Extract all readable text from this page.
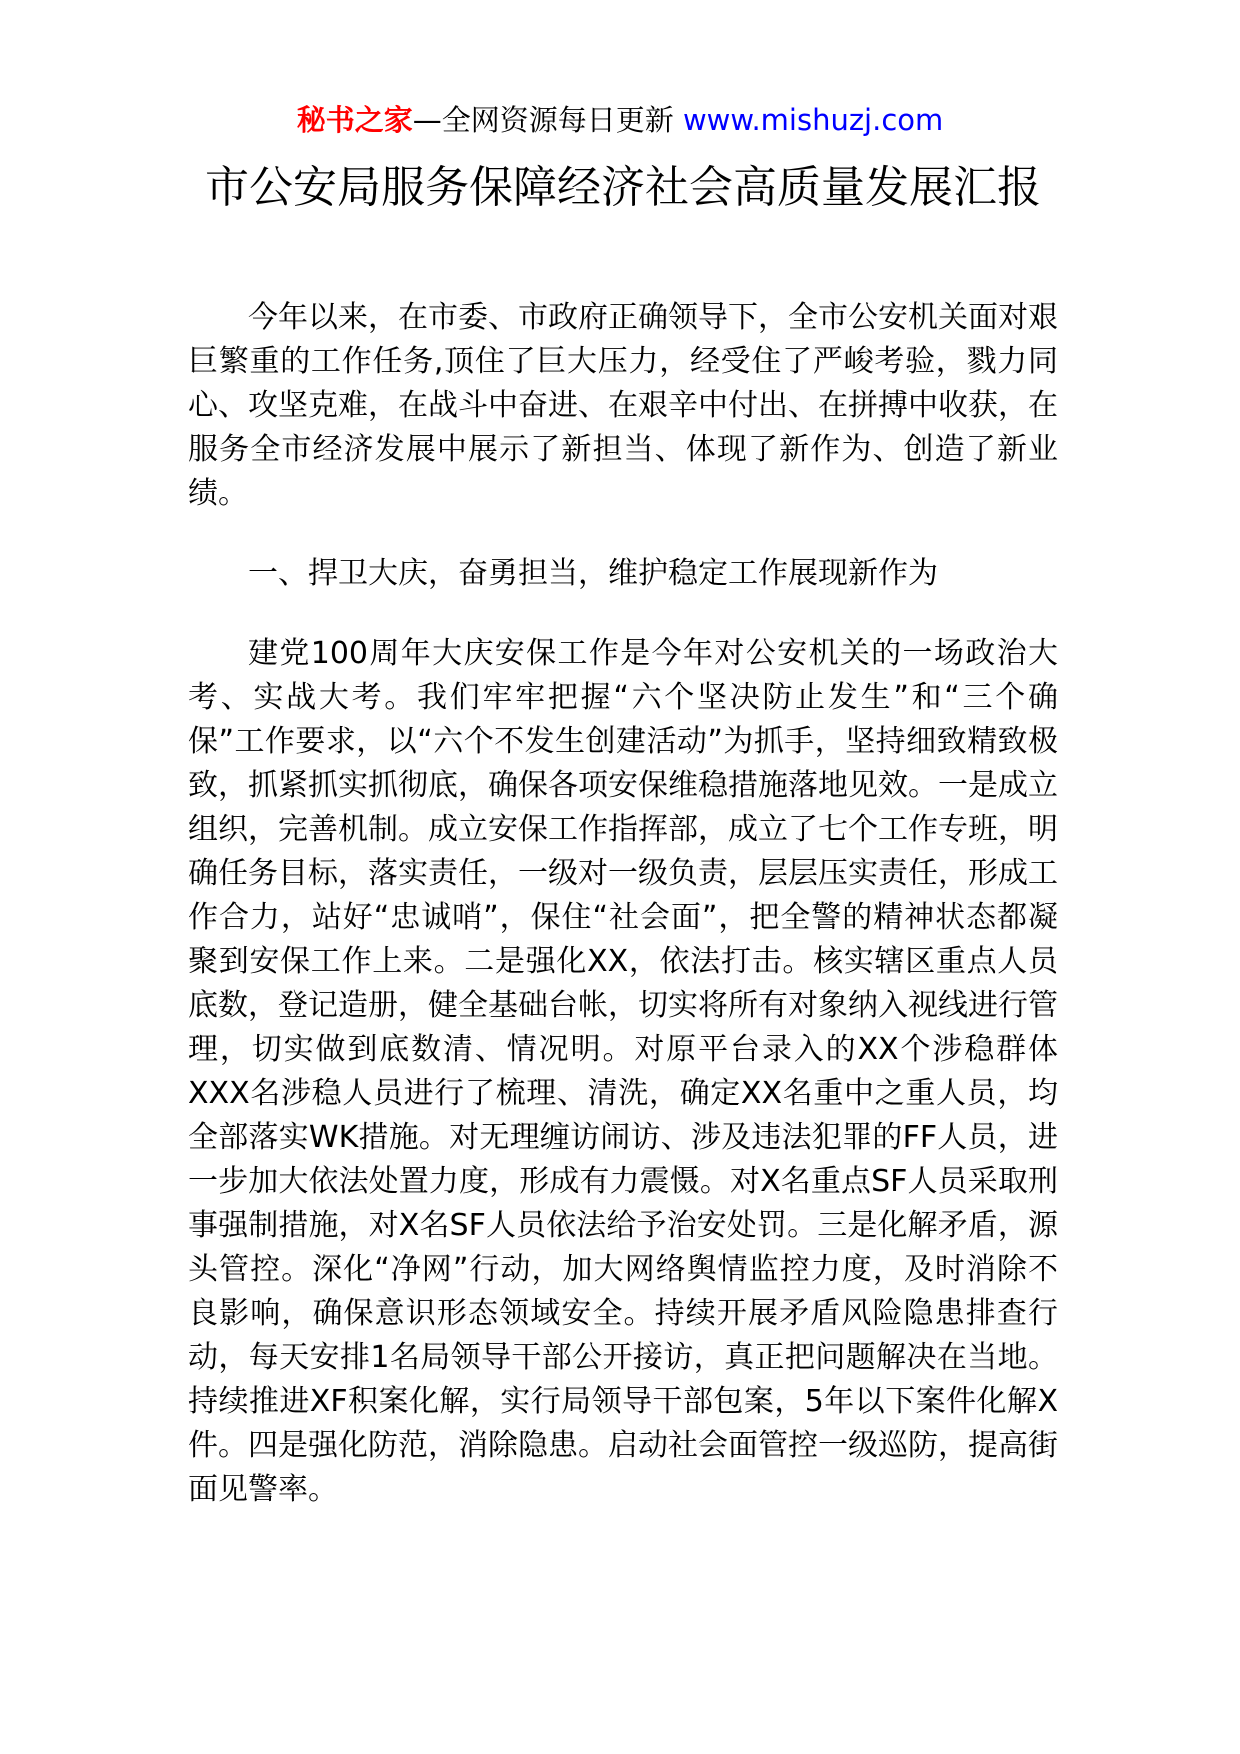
秘书之家—全网资源每日更新 www.mishuzj.com
市公安局服务保障经济社会高质量发展汇报

今年以来，在市委、市政府正确领导下，全市公安机关面对艰巨繁重的工作任务,顶住了巨大压力，经受住了严峻考验，戮力同心、攻坚克难，在战斗中奋进、在艰辛中付出、在拼搏中收获，在服务全市经济发展中展示了新担当、体现了新作为、创造了新业绩。

一、捍卫大庆，奋勇担当，维护稳定工作展现新作为

建党100周年大庆安保工作是今年对公安机关的一场政治大考、实战大考。我们牢牢把握“六个坚决防止发生”和“三个确保”工作要求，以“六个不发生创建活动”为抓手，坚持细致精致极致，抓紧抓实抓彻底，确保各项安保维稳措施落地见效。一是成立组织，完善机制。成立安保工作指挥部，成立了七个工作专班，明确任务目标，落实责任，一级对一级负责，层层压实责任，形成工作合力，站好“忠诚哨”，保住“社会面”，把全警的精神状态都凝聚到安保工作上来。二是强化XX，依法打击。核实辖区重点人员底数，登记造册，健全基础台帐，切实将所有对象纳入视线进行管理，切实做到底数清、情况明。对原平台录入的XX个涉稳群体XXX名涉稳人员进行了梳理、清洗，确定XX名重中之重人员，均全部落实WK措施。对无理缠访闹访、涉及违法犯罪的FF人员，进一步加大依法处置力度，形成有力震慑。对X名重点SF人员采取刑事强制措施，对X名SF人员依法给予治安处罚。三是化解矛盾，源头管控。深化“净网”行动，加大网络舆情监控力度，及时消除不良影响，确保意识形态领域安全。持续开展矛盾风险隐患排查行动，每天安排1名局领导干部公开接访，真正把问题解决在当地。持续推进XF积案化解，实行局领导干部包案，5年以下案件化解X件。四是强化防范，消除隐患。启动社会面管控一级巡防，提高街面见警率。
